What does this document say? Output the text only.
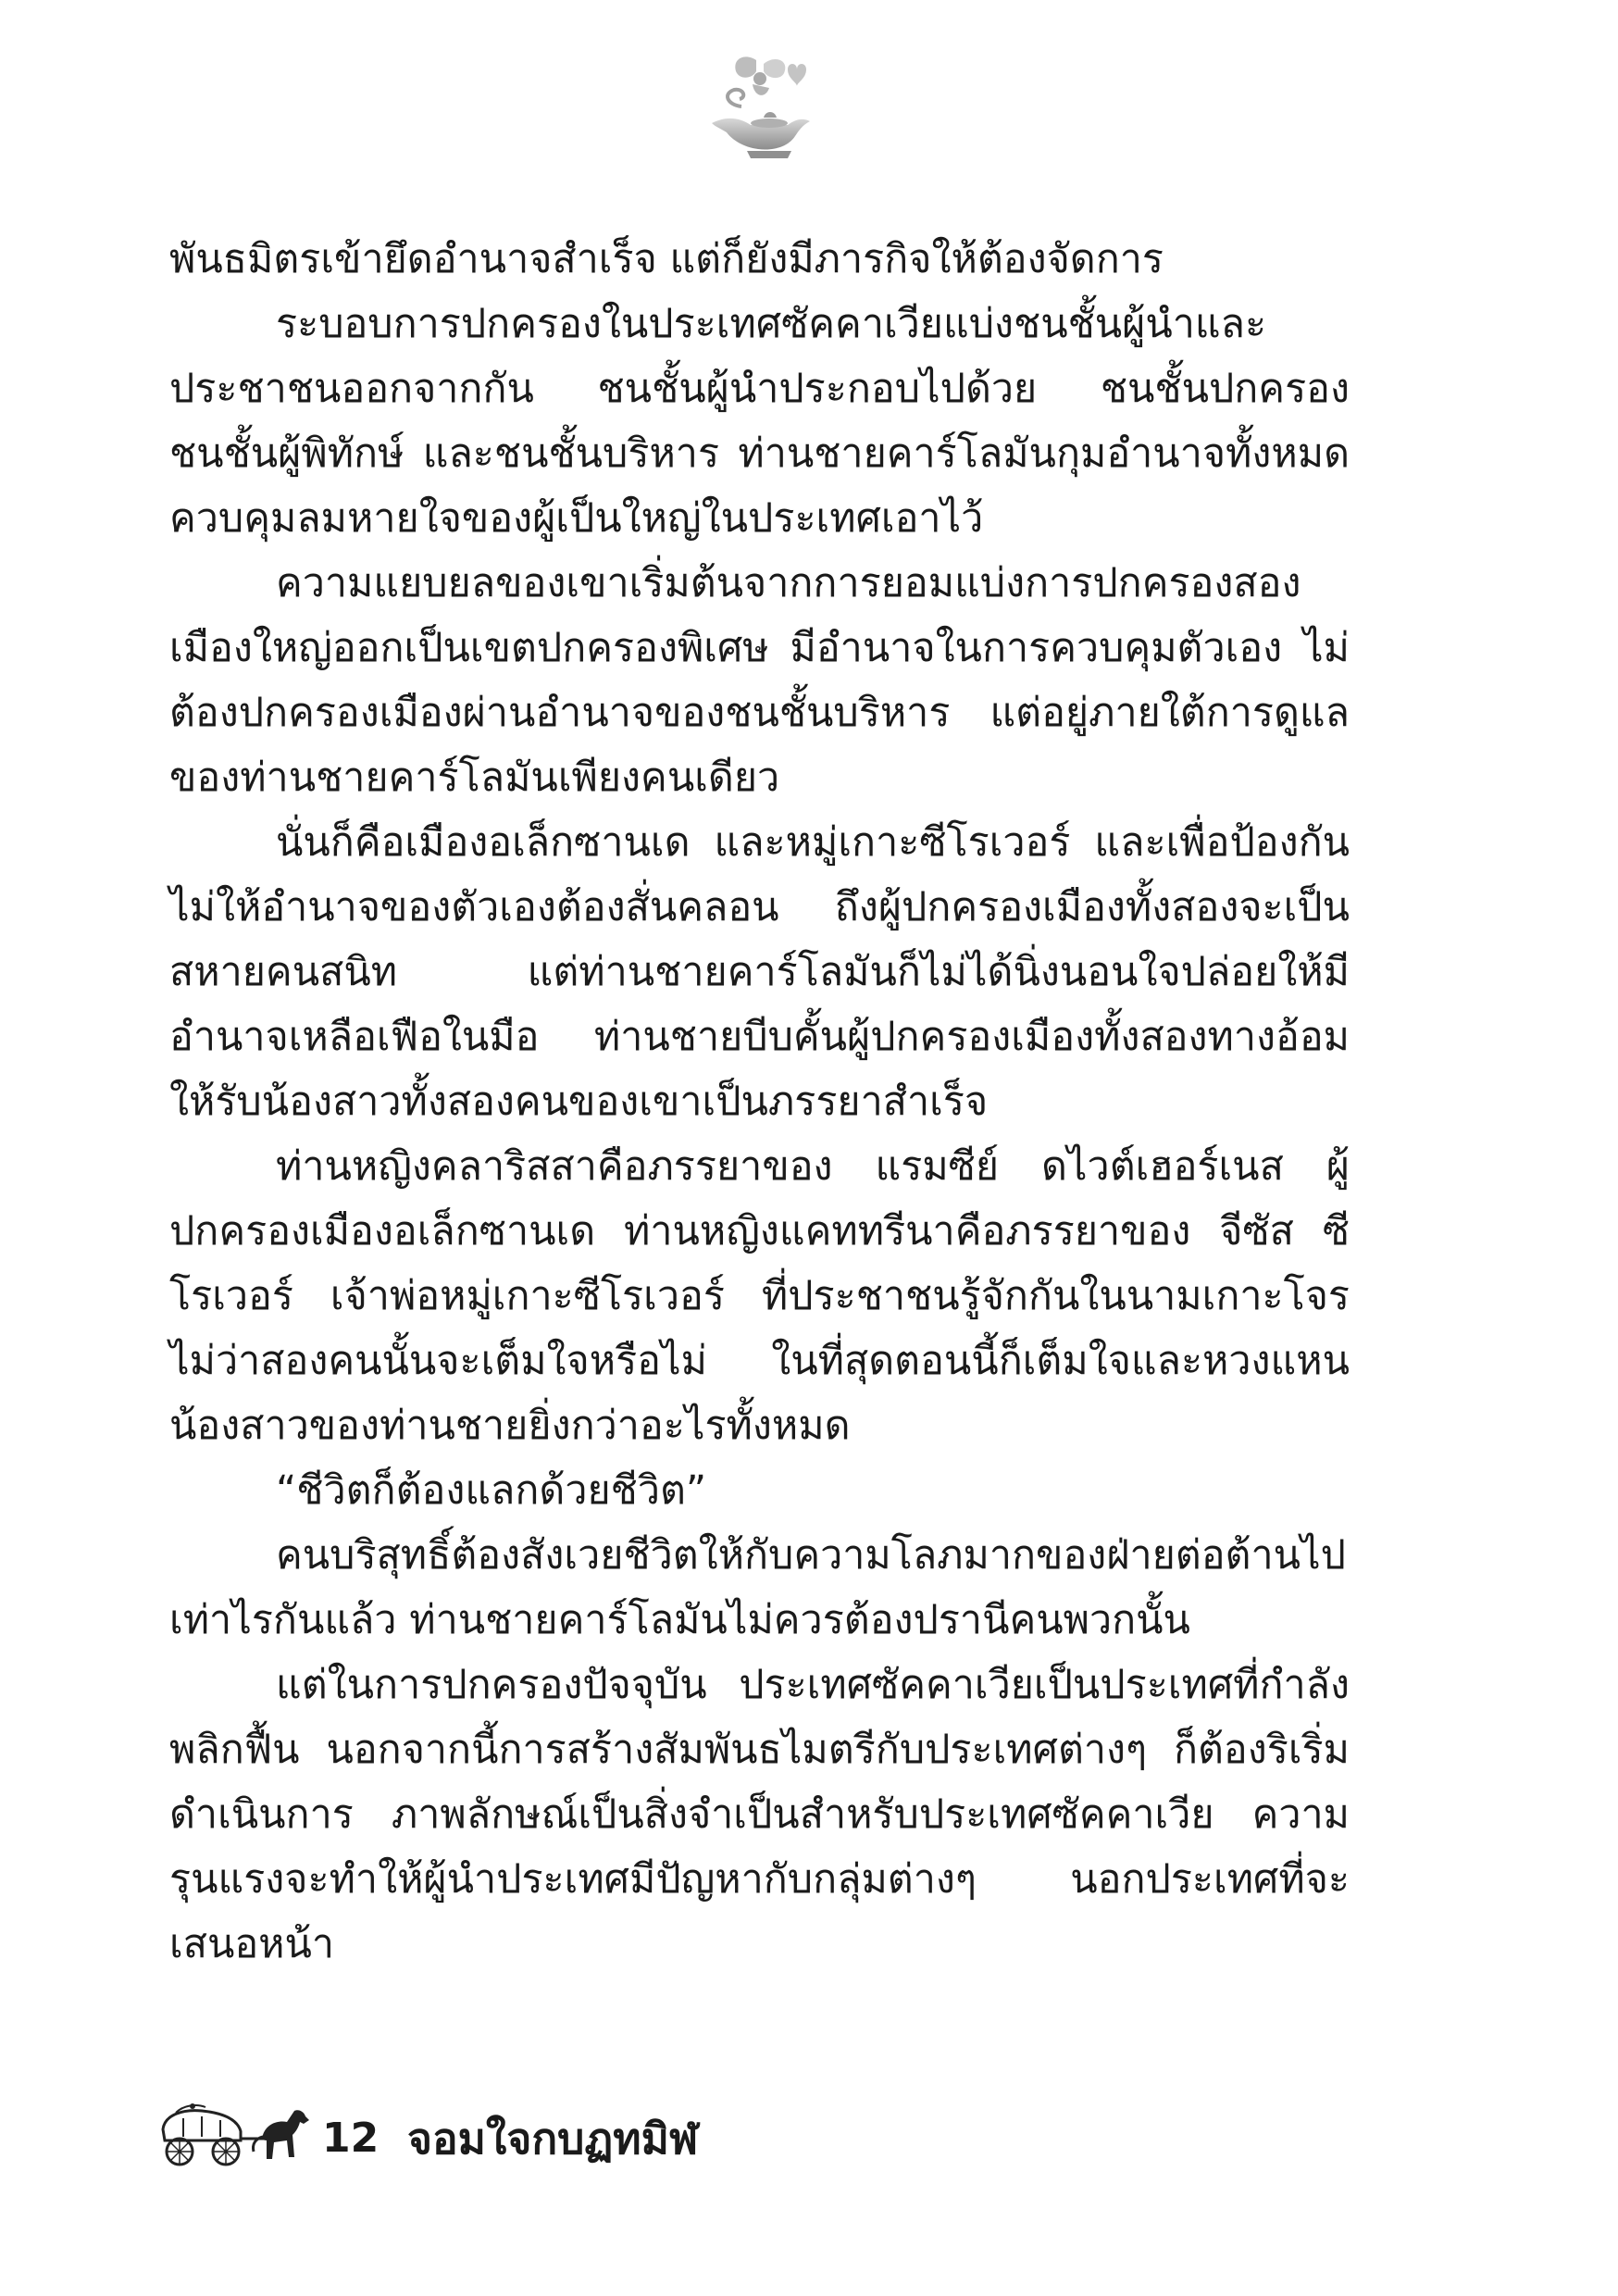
พันธมิตรเข้ายึดอำนาจสำเร็จ แต่ก็ยังมีภารกิจให้ต้องจัดการ

ระบอบการปกครองในประเทศซัคคาเวียแบ่งชนชั้นผู้นำและประชาชนออกจากกัน ชนชั้นผู้นำประกอบไปด้วย ชนชั้นปกครอง ชนชั้นผู้พิทักษ์ และชนชั้นบริหาร ท่านชายคาร์โลมันกุมอำนาจทั้งหมด ควบคุมลมหายใจของผู้เป็นใหญ่ในประเทศเอาไว้

ความแยบยลของเขาเริ่มต้นจากการยอมแบ่งการปกครองสองเมืองใหญ่ออกเป็นเขตปกครองพิเศษ มีอำนาจในการควบคุมตัวเอง ไม่ต้องปกครองเมืองผ่านอำนาจของชนชั้นบริหาร แต่อยู่ภายใต้การดูแลของท่านชายคาร์โลมันเพียงคนเดียว

นั่นก็คือเมืองอเล็กซานเด และหมู่เกาะซีโรเวอร์ และเพื่อป้องกันไม่ให้อำนาจของตัวเองต้องสั่นคลอน ถึงผู้ปกครองเมืองทั้งสองจะเป็นสหายคนสนิท แต่ท่านชายคาร์โลมันก็ไม่ได้นิ่งนอนใจปล่อยให้มีอำนาจเหลือเฟือในมือ ท่านชายบีบคั้นผู้ปกครองเมืองทั้งสองทางอ้อมให้รับน้องสาวทั้งสองคนของเขาเป็นภรรยาสำเร็จ

ท่านหญิงคลาริสสาคือภรรยาของ แรมซีย์ ดไวต์เฮอร์เนส ผู้ปกครองเมืองอเล็กซานเด ท่านหญิงแคททรีนาคือภรรยาของ จีซัส ซี โรเวอร์ เจ้าพ่อหมู่เกาะซีโรเวอร์ ที่ประชาชนรู้จักกันในนามเกาะโจร ไม่ว่าสองคนนั้นจะเต็มใจหรือไม่ ในที่สุดตอนนี้ก็เต็มใจและหวงแหนน้องสาวของท่านชายยิ่งกว่าอะไรทั้งหมด

“ชีวิตก็ต้องแลกด้วยชีวิต”

คนบริสุทธิ์ต้องสังเวยชีวิตให้กับความโลภมากของฝ่ายต่อต้านไปเท่าไรกันแล้ว ท่านชายคาร์โลมันไม่ควรต้องปรานีคนพวกนั้น

แต่ในการปกครองปัจจุบัน ประเทศซัคคาเวียเป็นประเทศที่กำลังพลิกฟื้น นอกจากนี้การสร้างสัมพันธไมตรีกับประเทศต่างๆ ก็ต้องริเริ่มดำเนินการ ภาพลักษณ์เป็นสิ่งจำเป็นสำหรับประเทศซัคคาเวีย ความรุนแรงจะทำให้ผู้นำประเทศมีปัญหากับกลุ่มต่างๆ นอกประเทศที่จะเสนอหน้า

12 จอมใจกบฏทมิฬ
